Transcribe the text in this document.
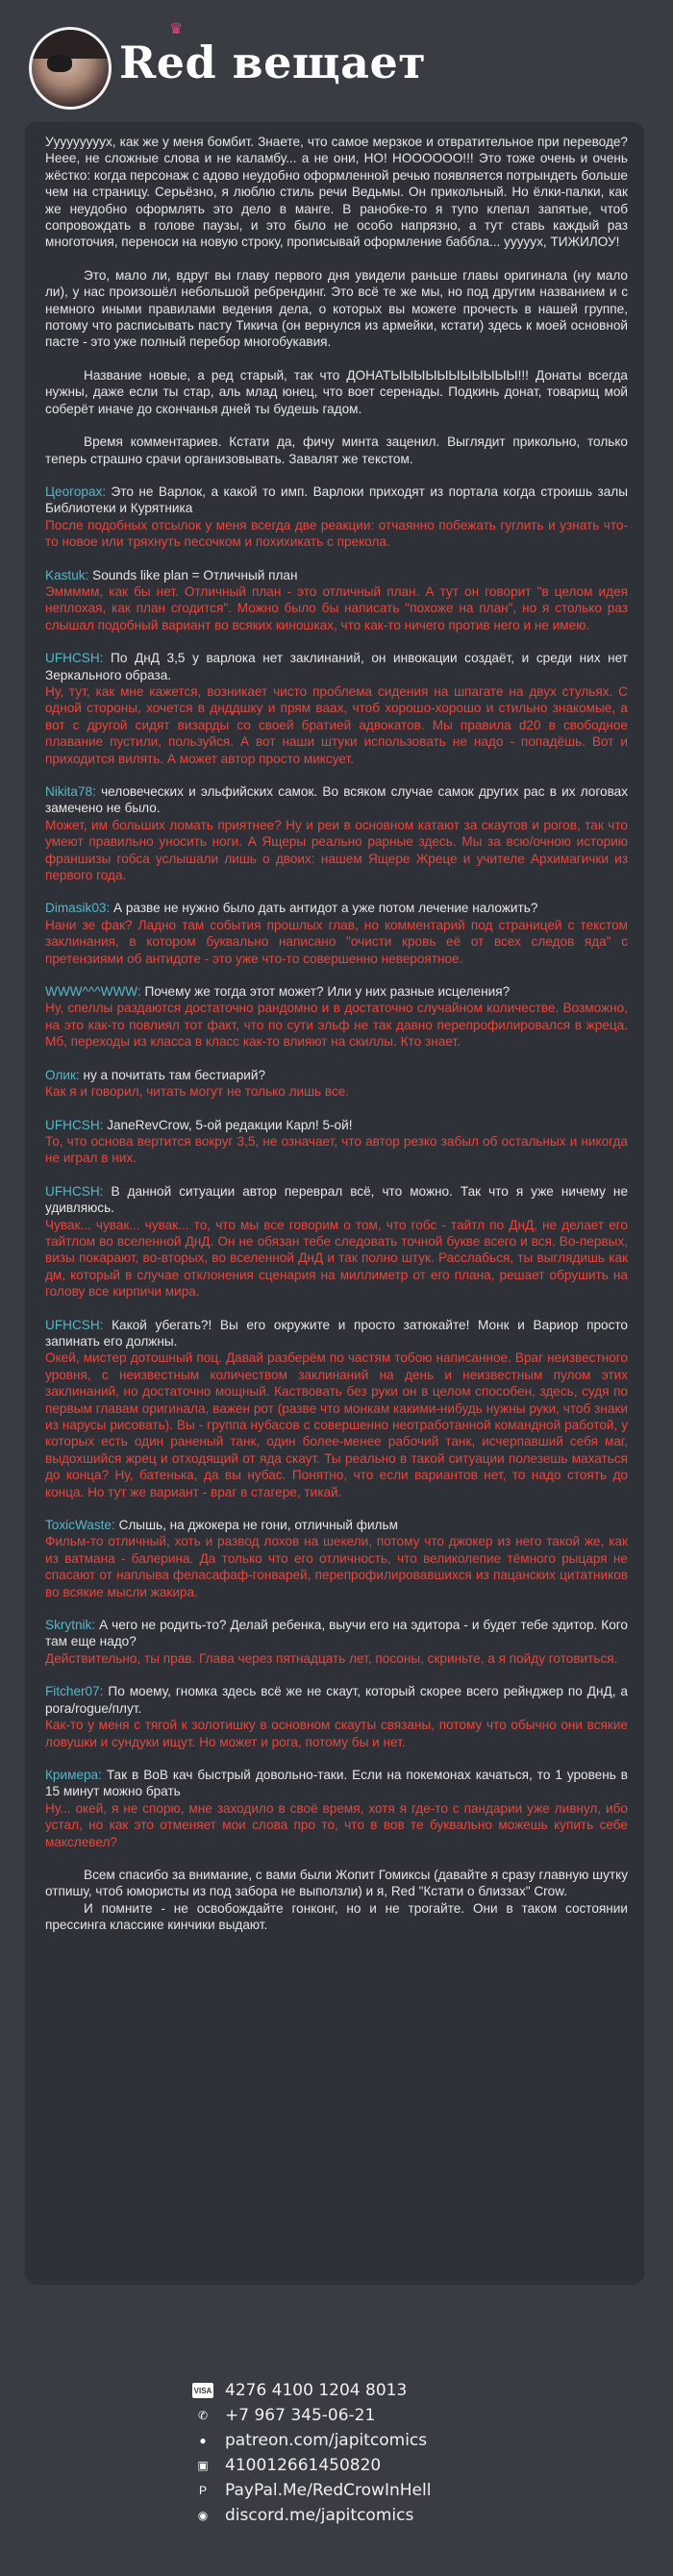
♛
Red вещает

Ууууууууух, как же у меня бомбит. Знаете, что самое мерзкое и отвратительное при переводе? Нееe, не сложные слова и не каламбу... а не они, НО! НООООOO!!! Это тоже очень и очень жёстко: когда персонаж с адово неудобно оформленной речью появляется потрындеть больше чем на страницу. Серьёзно, я люблю стиль речи Ведьмы. Он прикольный. Но ёлки-палки, как же неудобно оформлять это дело в манге. В ранобке-то я тупо клепал запятые, чтоб сопровождать в голове паузы, и это было не особо напрязно, а тут ставь каждый раз многоточия, переноси на новую строку, прописывай оформление баббла... ууууух, ТИЖИЛОУ!

Это, мало ли, вдруг вы главу первого дня увидели раньше главы оригинала (ну мало ли), у нас произошёл небольшой ребрендинг. Это всё те же мы, но под другим названием и с немного иными правилами ведения дела, о которых вы можете прочесть в нашей группе, потому что расписывать пасту Тикича (он вернулся из армейки, кстати) здесь к моей основной пасте - это уже полный перебор многобукавия.

Название новые, а ред старый, так что ДОНАТЫЫЫЫЫЫЫЫЫЫЫ!!! Донаты всегда нужны, даже если ты стар, аль млад юнец, что воет серенады. Подкинь донат, товарищ мой соберёт иначе до скончанья дней ты будешь гадом.

Время комментариев. Кстати да, фичу минта заценил. Выглядит прикольно, только теперь страшно срачи организовывать. Завалят же текстом.

Цеогорах: Это не Варлок, а какой то имп. Варлоки приходят из портала когда строишь залы Библиотеки и Курятника

После подобных отсылок у меня всегда две реакции: отчаянно побежать гуглить и узнать что-то новое или тряхнуть песочком и похихикать с прекола.

Kastuk: Sounds like plan = Отличный план

Эммммм, как бы нет. Отличный план - это отличный план. А тут он говорит "в целом идея неплохая, как план сгодится". Можно было бы написать "похоже на план", но я столько раз слышал подобный вариант во всяких киношках, что как-то ничего против него и не имею.

UFHCSH: По ДнД 3,5 у варлока нет заклинаний, он инвокации создаёт, и среди них нет Зеркального образа.

Ну, тут, как мне кажется, возникает чисто проблема сидения на шпагате на двух стульях. С одной стороны, хочется в днддшку и прям ваах, чтоб хорошо-хорошо и стильно знакомые, а вот с другой сидят визарды со своей братией адвокатов. Мы правила d20 в свободное плавание пустили, пользуйся. А вот наши штуки использовать не надо - попадёшь. Вот и приходится вилять. А может автор просто миксует.

Nikita78: человеческих и эльфийских самок. Во всяком случае самок других рас в их логовах замечено не было.

Может, им больших ломать приятнее? Ну и реи в основном катают за скаутов и рогов, так что умеют правильно уносить ноги. А Ящеры реально рарные здесь. Мы за всю/очною историю франшизы гобса услышали лишь о двоих: нашем Ящере Жреце и учителе Архимагички из первого года.

Dimasik03: А разве не нужно было дать антидот а уже потом лечение наложить?

Нани зе фак? Ладно там события прошлых глав, но комментарий под страницей с текстом заклинания, в котором буквально написано "очисти кровь её от всех следов яда" с претензиями об антидоте - это уже что-то совершенно невероятное.

WWW^^^WWW: Почему же тогда этот может? Или у них разные исцеления?

Ну, спеллы раздаются достаточно рандомно и в достаточно случайном количестве. Возможно, на это как-то повлиял тот факт, что по сути эльф не так давно перепрофилировался в жреца. Мб, переходы из класса в класс как-то влияют на скиллы. Кто знает.

Олик: ну а почитать там бестиарий?

Как я и говорил, читать могут не только лишь все.

UFHCSH: JaneRevCrow, 5-ой редакции Карл! 5-ой!

То, что основа вертится вокруг 3,5, не означает, что автор резко забыл об остальных и никогда не играл в них.

UFHCSH: В данной ситуации автор переврал всё, что можно. Так что я уже ничему не удивляюсь.

Чувак... чувак... чувак... то, что мы все говорим о том, что гобс - тайтл по ДнД, не делает его тайтлом во вселенной ДнД. Он не обязан тебе следовать точной букве всего и вся. Во-первых, визы покарают, во-вторых, во вселенной ДнД и так полно штук. Расслабься, ты выглядишь как дм, который в случае отклонения сценария на миллиметр от его плана, решает обрушить на голову все кирпичи мира.

UFHCSH: Какой убегать?! Вы его окружите и просто затюкайте! Монк и Вариор просто запинать его должны.

Окей, мистер дотошный поц. Давай разберём по частям тобою написанное. Враг неизвестного уровня, с неизвестным количеством заклинаний на день и неизвестным пулом этих заклинаний, но достаточно мощный. Каствовать без руки он в целом способен, здесь, судя по первым главам оригинала, важен рот (разве что монкам какими-нибудь нужны руки, чтоб знаки из нарусы рисовать). Вы - группа нубасов с совершенно неотработанной командной работой, у которых есть один раненый танк, один более-менее рабочий танк, исчерпавший себя маг, выдохшийся жрец и отходящий от яда скаут. Ты реально в такой ситуации полезешь махаться до конца? Ну, батенька, да вы нубас. Понятно, что если вариантов нет, то надо стоять до конца. Но тут же вариант - враг в стагере, тикай.

ToxicWaste: Слышь, на джокера не гони, отличный фильм

Фильм-то отличный, хоть и развод лохов на шекели, потому что джокер из него такой же, как из ватмана - балерина. Да только что его отличность, что великолепие тёмного рыцаря не спасают от наплыва феласафаф-гонварей, перепрофилировавшихся из пацанских цитатников во всякие мысли жакира.

Skrytnik: А чего не родить-то? Делай ребенка, выучи его на эдитора - и будет тебе эдитор. Кого там еще надо?

Действительно, ты прав. Глава через пятнадцать лет, посоны, скриньте, а я пойду готовиться.

Fitcher07: По моему, гномка здесь всё же не скаут, который скорее всего рейнджер по ДнД, а рога/rogue/плут.

Как-то у меня с тягой к золотишку в основном скауты связаны, потому что обычно они всякие ловушки и сундуки ищут. Но может и рога, потому бы и нет.

Кримера: Так в ВоВ кач быстрый довольно-таки. Если на покемонах качаться, то 1 уровень в 15 минут можно брать

Ну... окей, я не спорю, мне заходило в своё время, хотя я где-то с пандарии уже ливнул, ибо устал, но как это отменяет мои слова про то, что в вов те буквально можешь купить себе макслевел?

Всем спасибо за внимание, с вами были Жопит Гомиксы (давайте я сразу главную шутку отпишу, чтоб юмористы из под забора не выползли) и я, Red "Кстати о близзах" Crow.

И помните - не освобождайте гонконг, но и не трогайте. Они в таком состоянии прессинга классике кинчики выдают.

VISA 4276 4100 1204 8013
✆	+7 967 345-06-21
●	patreon.com/japitcomics
▣	410012661450820
P	PayPal.Me/RedCrowInHell
◉	discord.me/japitcomics
